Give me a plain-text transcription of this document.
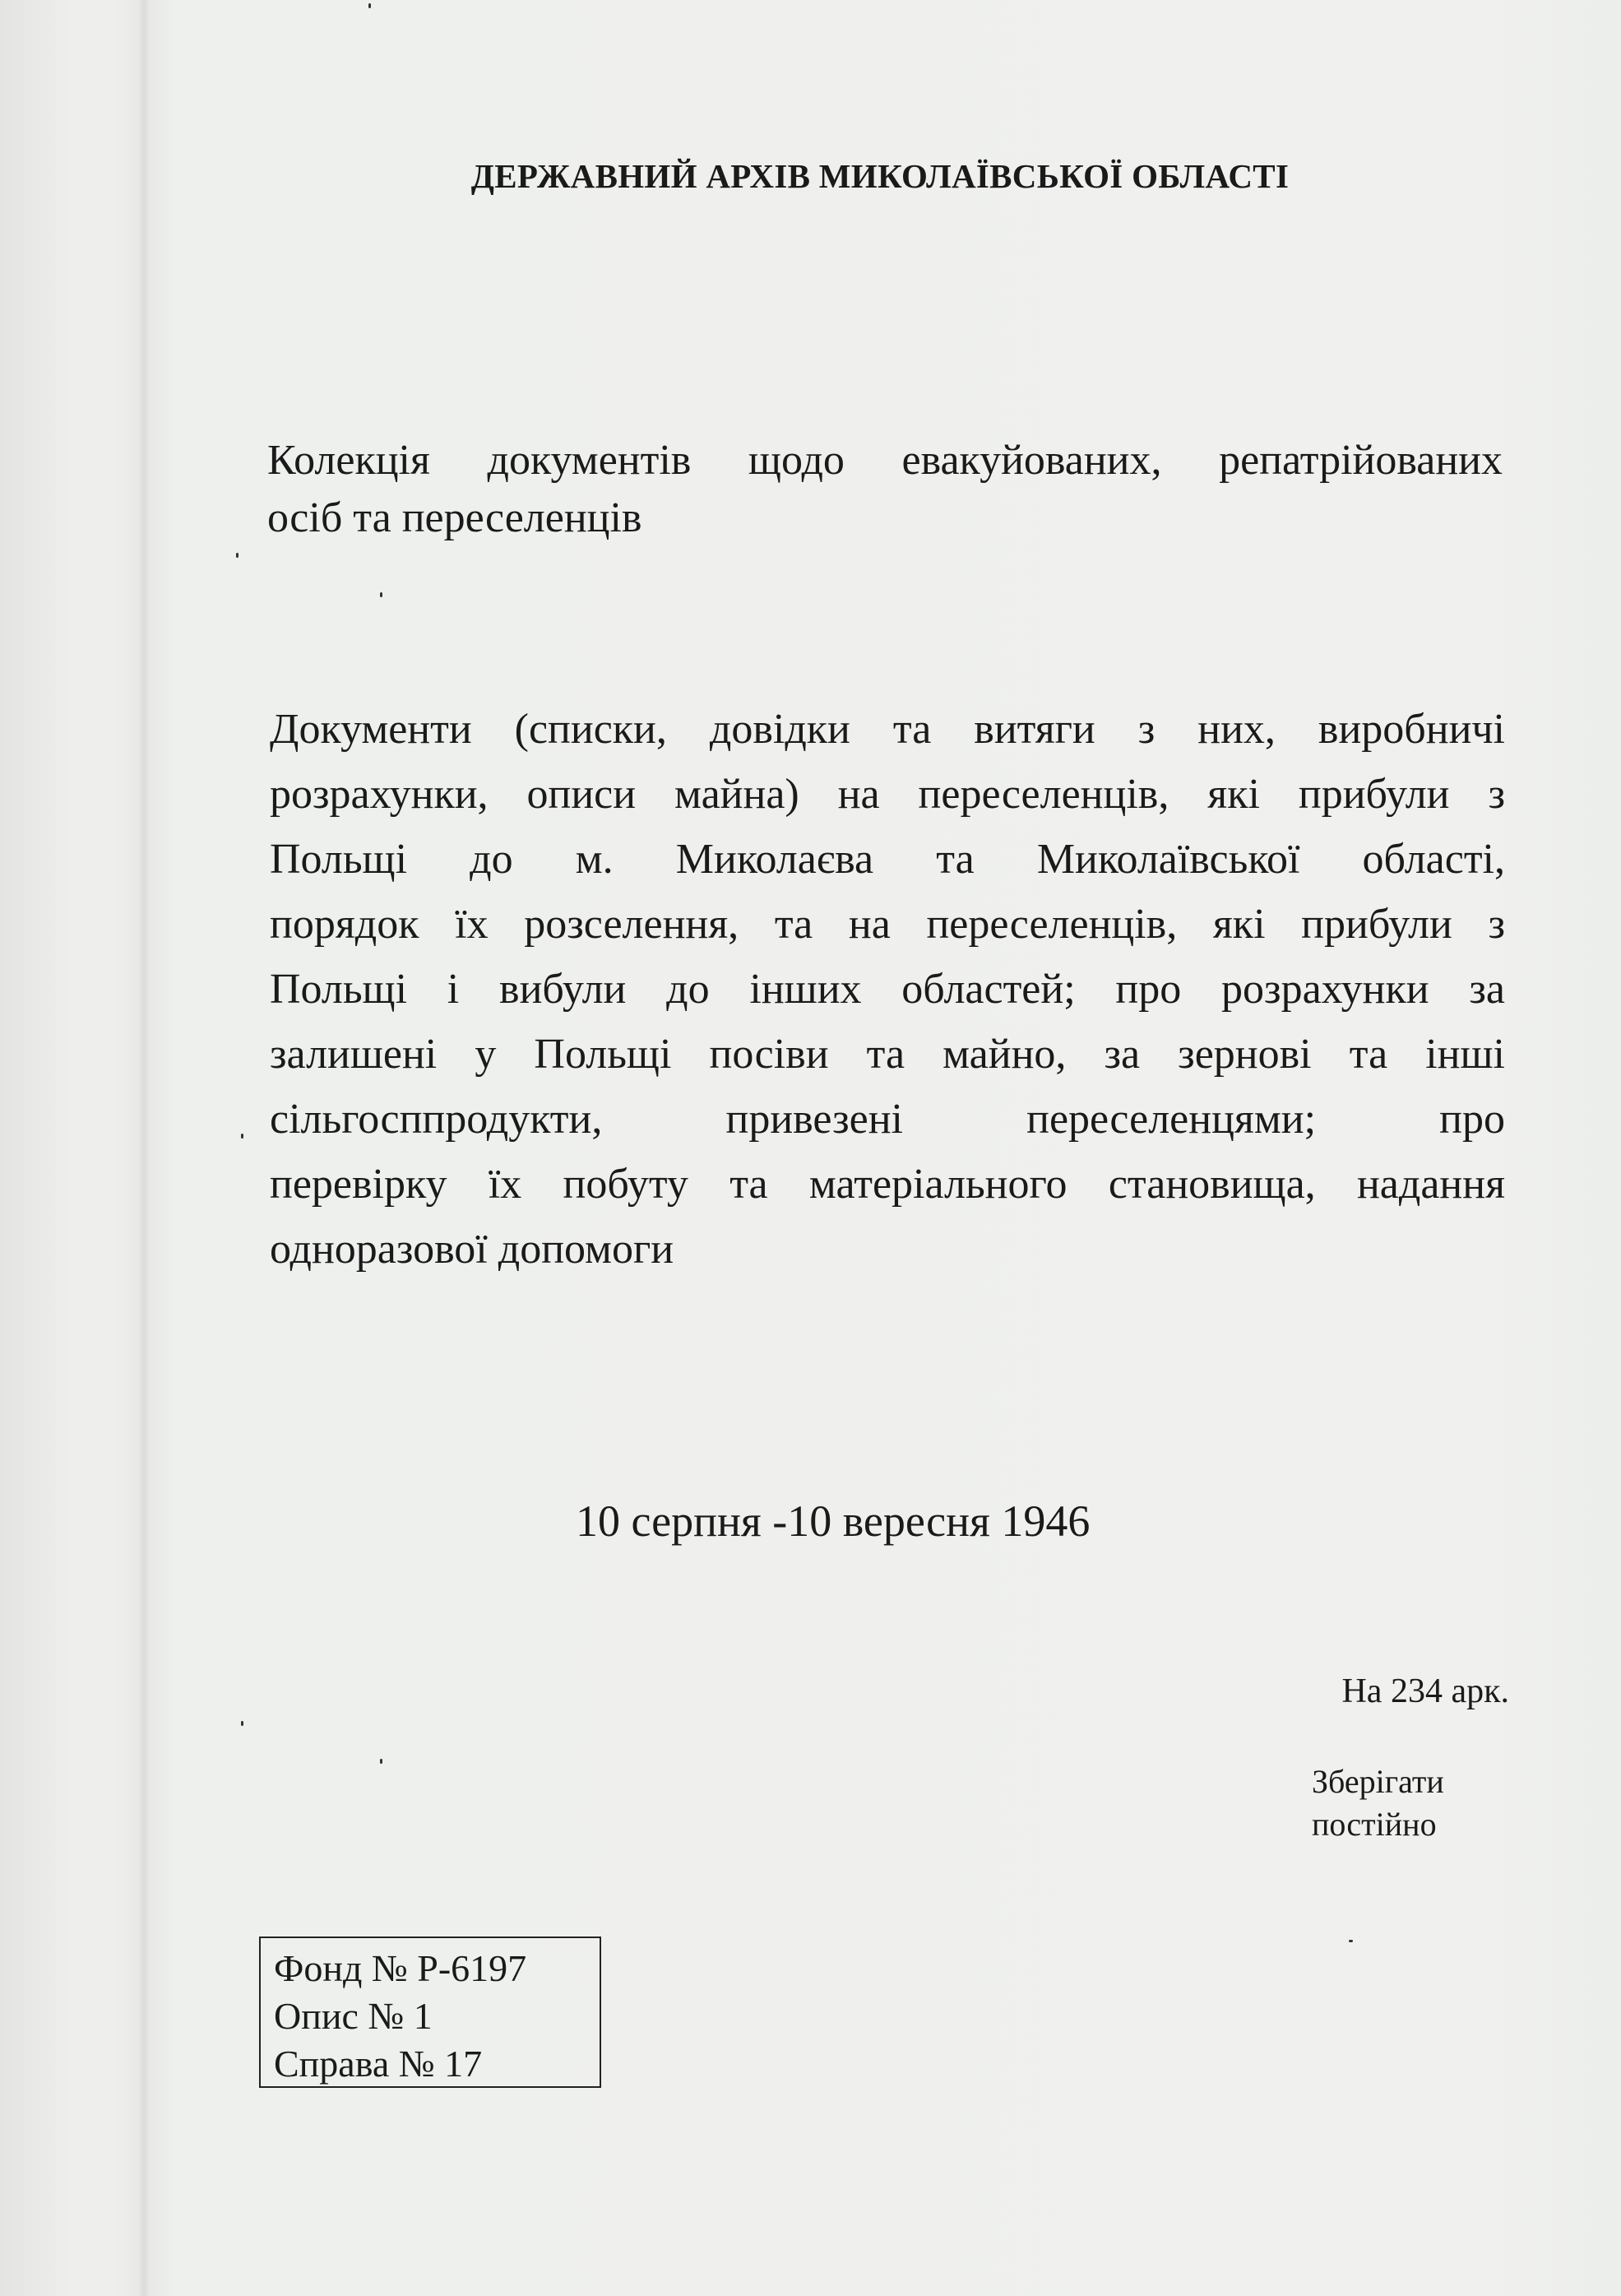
ДЕРЖАВНИЙ АРХІВ МИКОЛАЇВСЬКОЇ ОБЛАСТІ
Колекція документів щодо евакуйованих, репатрійованих
осіб та переселенців
Документи (списки, довідки та витяги з них, виробничі
розрахунки, описи майна) на переселенців, які прибули з
Польщі до м. Миколаєва та Миколаївської області,
порядок їх розселення, та на переселенців, які прибули з
Польщі і вибули до інших областей; про розрахунки за
залишені у Польщі посіви та майно, за зернові та інші
сільгосппродукти, привезені переселенцями; про
перевірку їх побуту та матеріального становища, надання
одноразової допомоги
10 серпня -10 вересня 1946
На 234 арк.
Зберігати
постійно
Фонд № Р-6197
Опис № 1
Справа № 17
